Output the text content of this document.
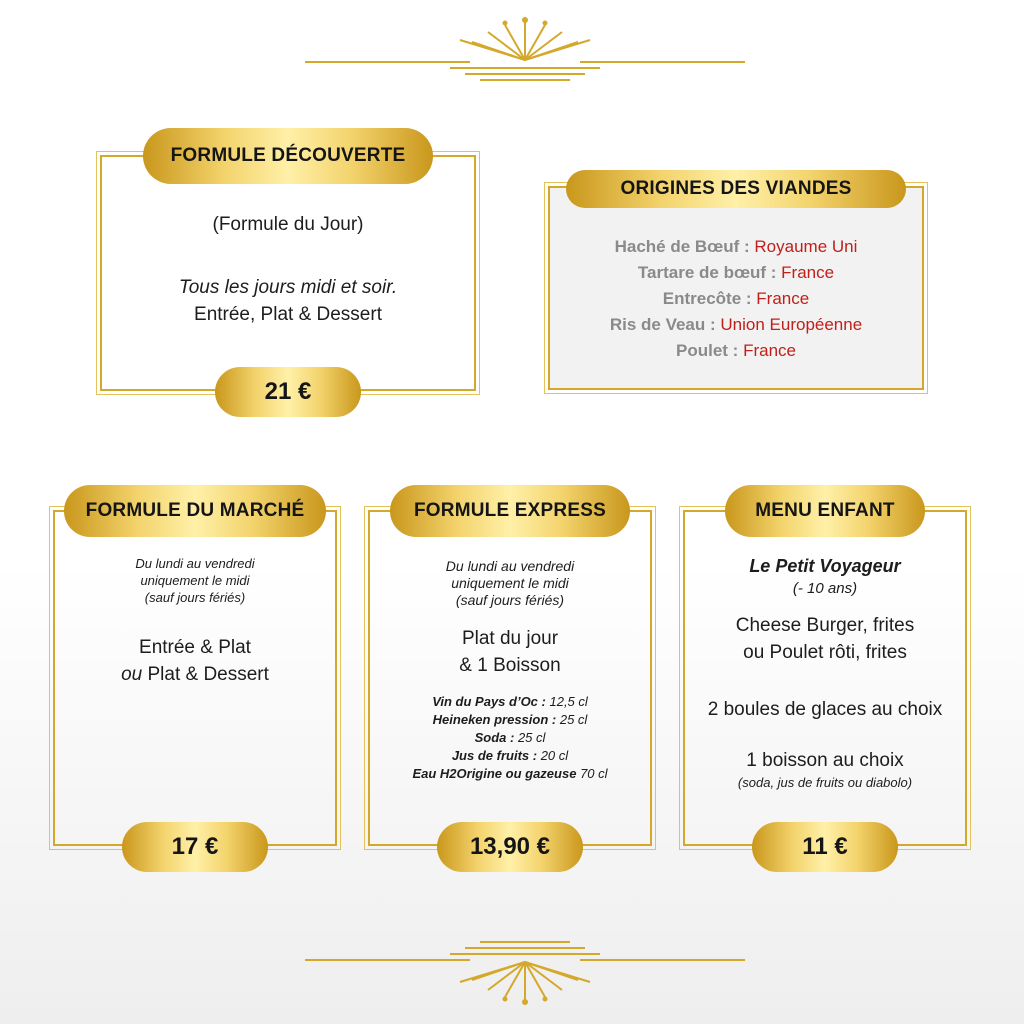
FORMULE DÉCOUVERTE
(Formule du Jour)
Tous les jours midi et soir.
Entrée, Plat & Dessert
21 €
ORIGINES DES VIANDES
Haché de Bœuf : Royaume Uni
Tartare de bœuf : France
Entrecôte : France
Ris de Veau : Union Européenne
Poulet : France
FORMULE DU MARCHÉ
Du lundi au vendredi
uniquement le midi
(sauf jours fériés)
Entrée & Plat
ou Plat & Dessert
17 €
FORMULE EXPRESS
Du lundi au vendredi
uniquement le midi
(sauf jours fériés)
Plat du jour
& 1 Boisson
Vin du Pays d’Oc : 12,5 cl
Heineken pression : 25 cl
Soda : 25 cl
Jus de fruits : 20 cl
Eau H2Origine ou gazeuse 70 cl
13,90 €
MENU ENFANT
Le Petit Voyageur
(- 10 ans)
Cheese Burger, frites
ou Poulet rôti, frites
2 boules de glaces au choix
1 boisson au choix
(soda, jus de fruits ou diabolo)
11 €
